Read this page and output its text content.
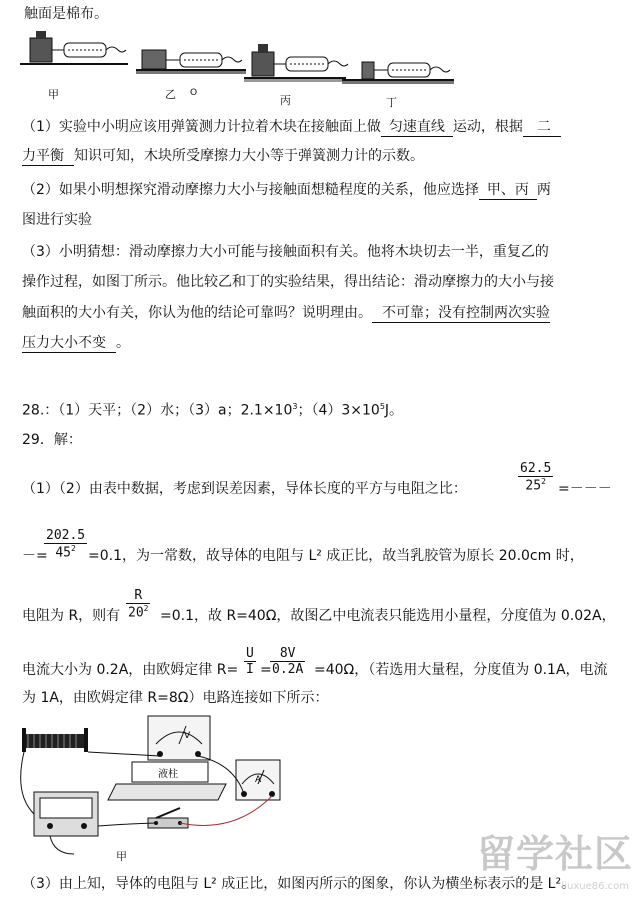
触面是棉布。
甲	乙 O
丙	丁
（1）实验中小明应该用弹簧测力计拉着木块在接触面上做 匀速直线 运动，根据 二
力平衡 知识可知，木块所受摩擦力大小等于弹簧测力计的示数。
（2）如果小明想探究滑动摩擦力大小与接触面想糙程度的关系，他应选择 甲、丙 两
图进行实验
（3）小明猜想：滑动摩擦力大小可能与接触面积有关。他将木块切去一半，重复乙的
操作过程，如图丁所示。他比较乙和丁的实验结果，得出结论：滑动摩擦力的大小与接
触面积的大小有关，你认为他的结论可靠吗？说明理由。 不可靠；没有控制两次实验
压力大小不变 。
28.：（1）天平；（2）水；（3）a；$2.1\times 10^3$；$(4)3\times 10^5J$。
29．解：
（1）（2）由表中数据，考虑到误差因素，导体长度的平方与电阻之比：	$\frac{62.5}{25^2}$ =－－－
－=
$\frac{202.5}{45^2} =0.1$，为一常数，故导体的电阻与 L² 成正比，故当乳胶管为原长 20.0cm 时，
电阻为 R，则有 $\frac{R}{20^2} =0.1$，故 R=40Ω，故图乙中电流表只能选用小量程，分度值为 0.02A，
电流大小为 0.2A，由欧姆定律 $R= \frac{U}{I}$ =
$\frac{8V}{0.2A} =40\Omega$，（若选用大量程，分度值为 0.1A，电流
为 1A，由欧姆定律 R=8Ω）电路连接如下所示：
V
液柱	A
甲
（3）由上知，导体的电阻与 L² 成正比，如图丙所示的图象，你认为横坐标表示的是 L²。
留学社区
liuxue86.com
